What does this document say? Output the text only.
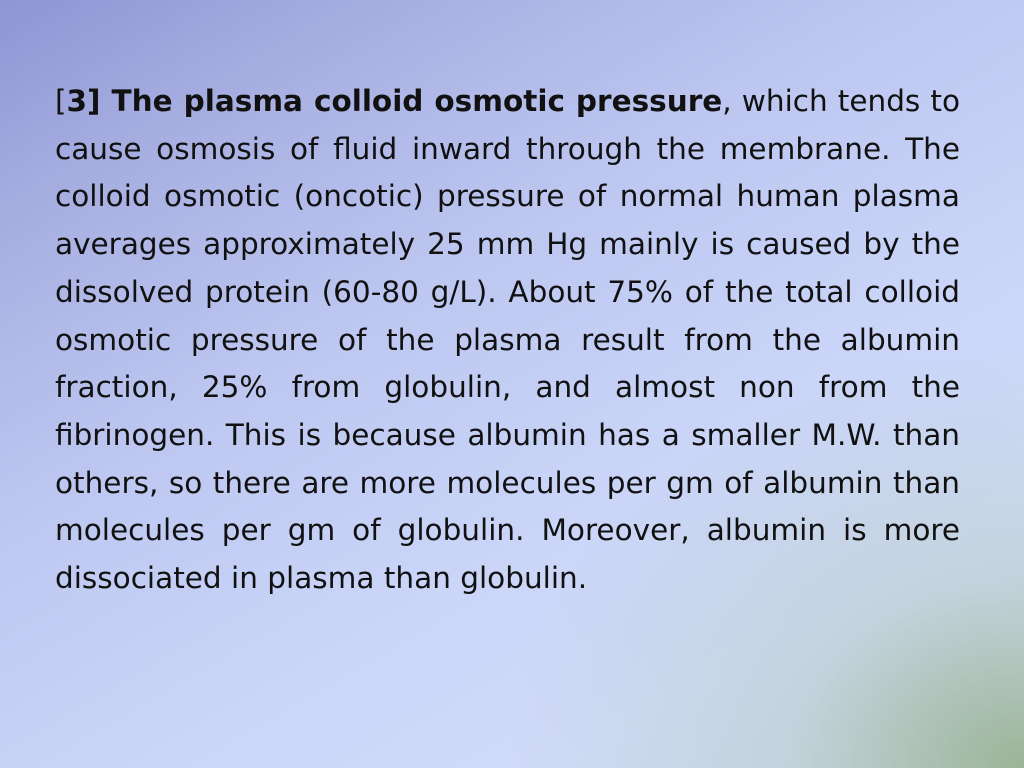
[3] The plasma colloid osmotic pressure, which tends to cause osmosis of fluid inward through the membrane. The colloid osmotic (oncotic) pressure of normal human plasma averages approximately 25 mm Hg mainly is caused by the dissolved protein (60-80 g/L). About 75% of the total colloid osmotic pressure of the plasma result from the albumin fraction, 25% from globulin, and almost non from the fibrinogen. This is because albumin has a smaller M.W. than others, so there are more molecules per gm of albumin than molecules per gm of globulin. Moreover, albumin is more dissociated in plasma than globulin.
